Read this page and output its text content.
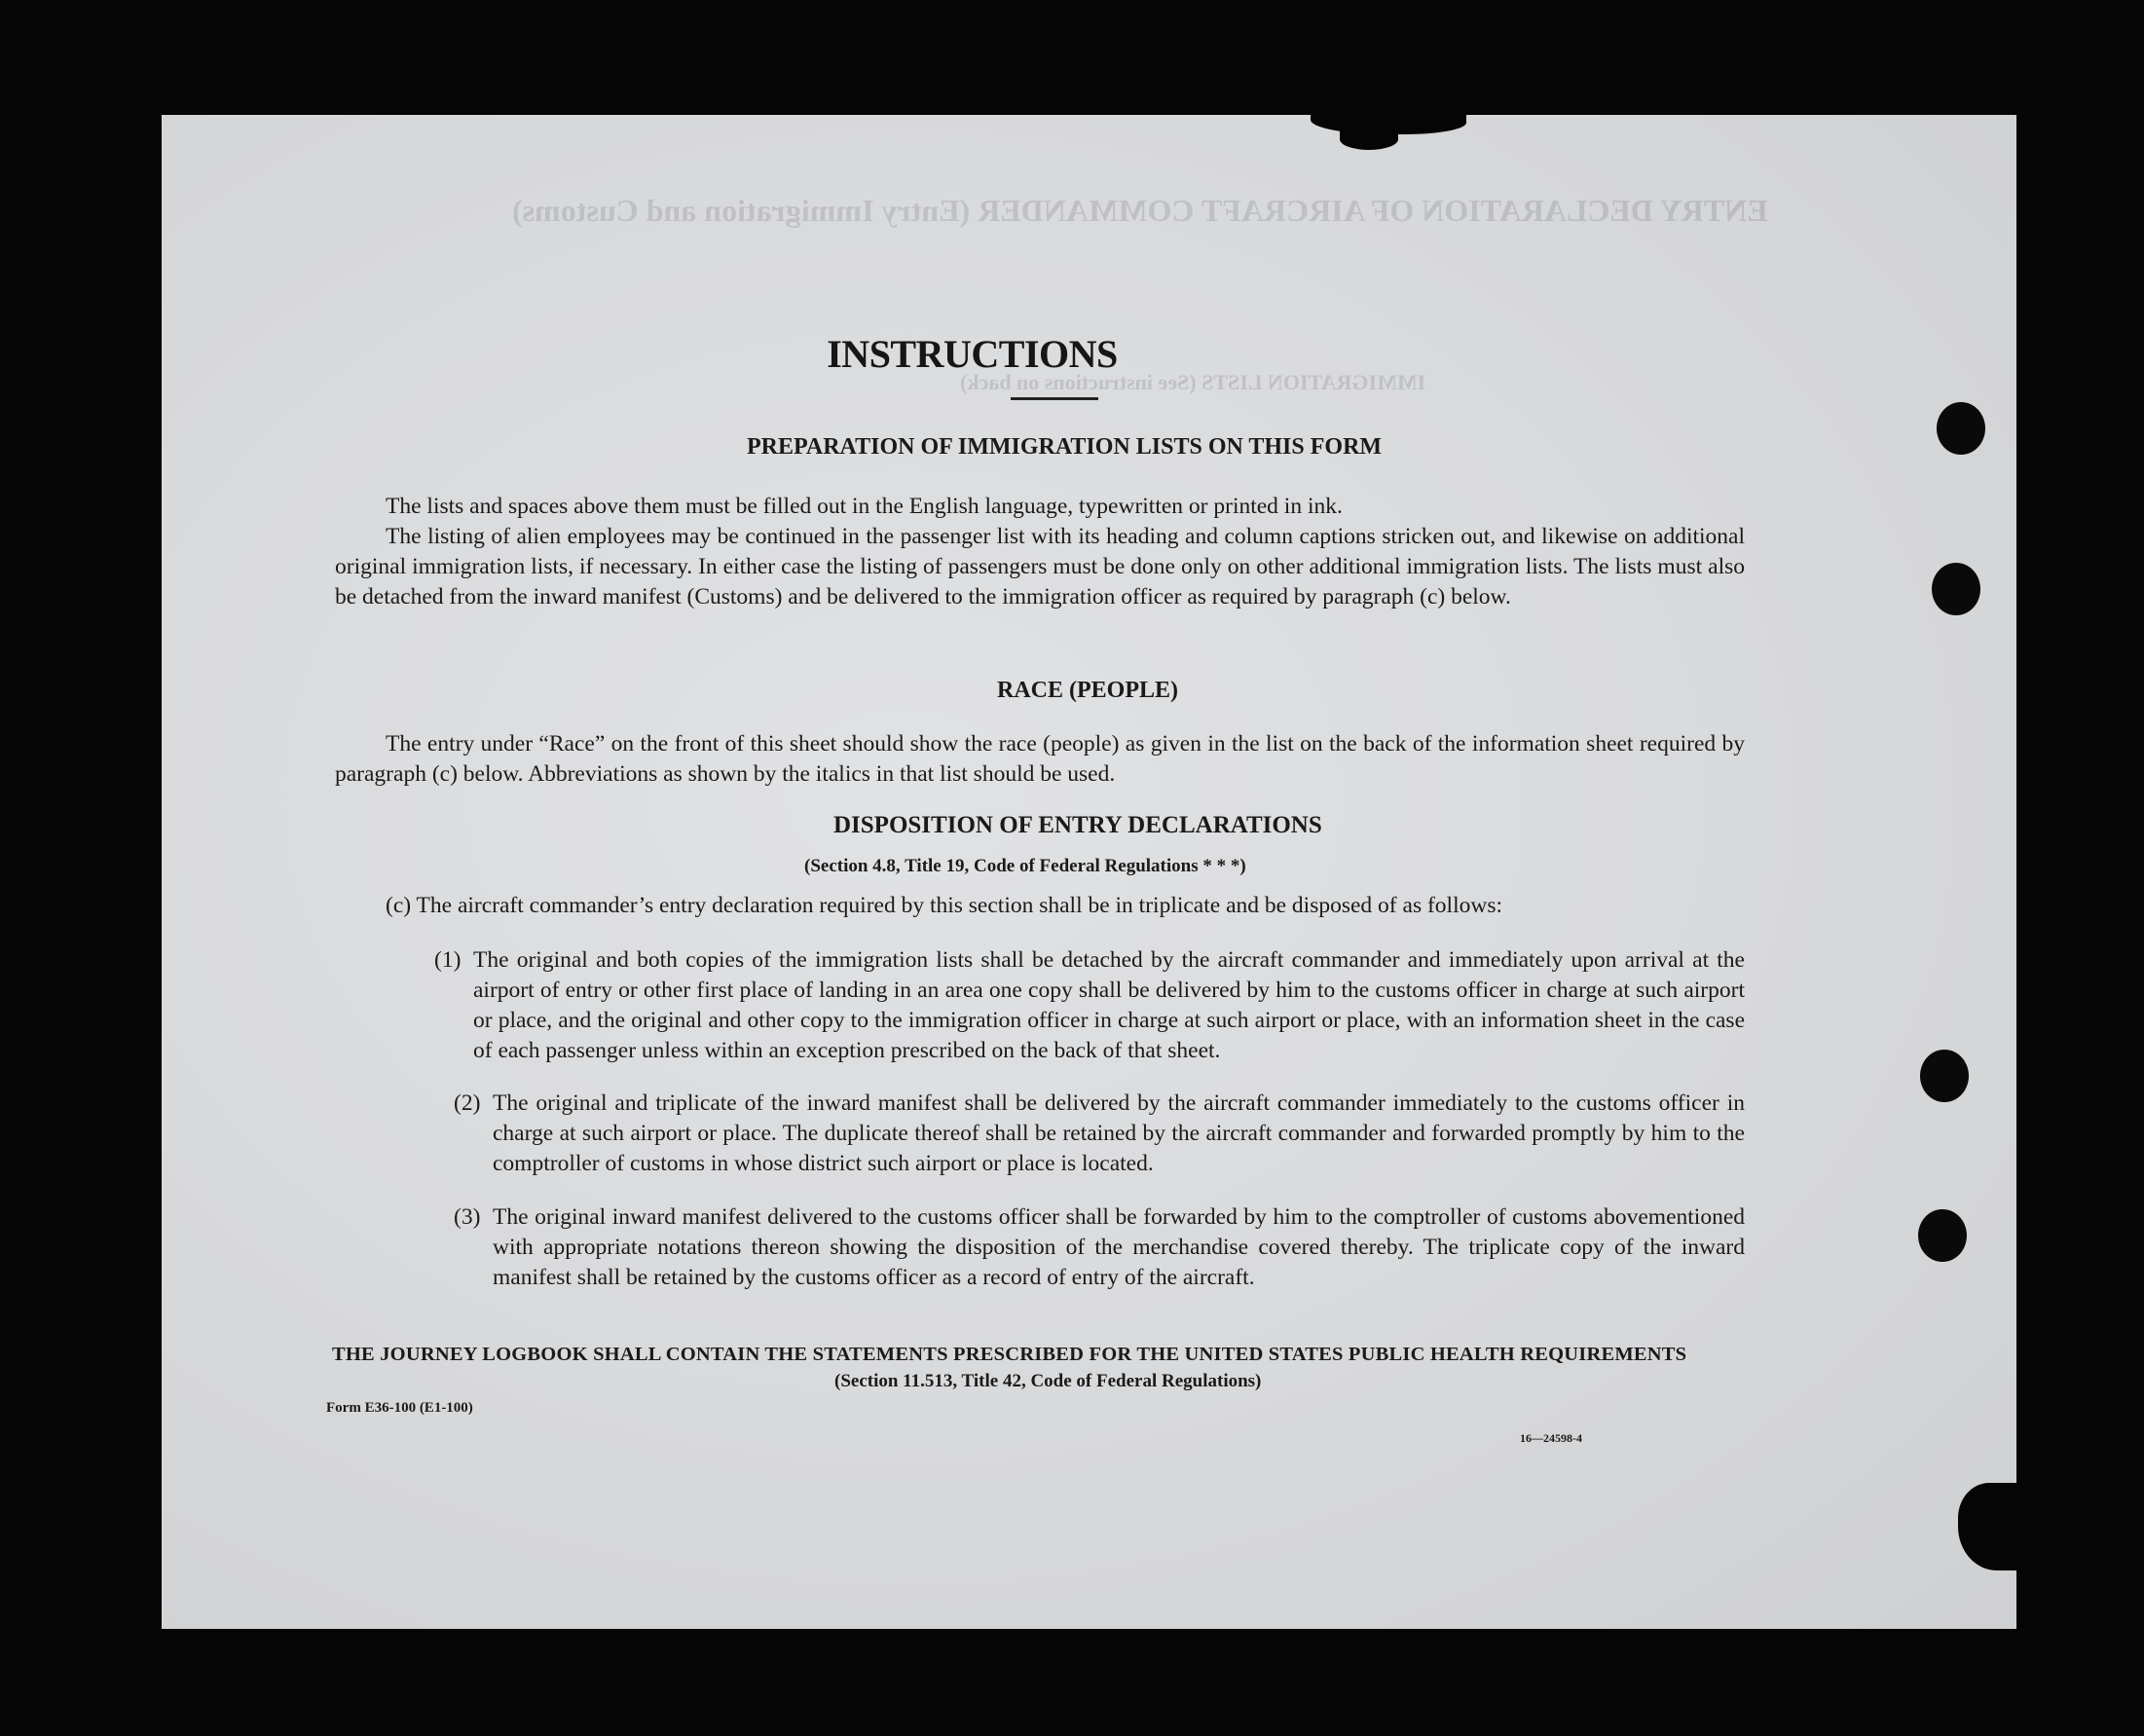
ENTRY DECLARATION OF AIRCRAFT COMMANDER (Entry Immigration and Customs)
IMMIGRATION LISTS (See instructions on back)
INSTRUCTIONS
PREPARATION OF IMMIGRATION LISTS ON THIS FORM

The lists and spaces above them must be filled out in the English language, typewritten or printed in ink.

The listing of alien employees may be continued in the passenger list with its heading and column captions stricken out, and likewise on additional original immigration lists, if necessary. In either case the listing of passengers must be done only on other additional immigration lists. The lists must also be detached from the inward manifest (Customs) and be delivered to the immigration officer as required by paragraph (c) below.

RACE (PEOPLE)

The entry under “Race” on the front of this sheet should show the race (people) as given in the list on the back of the information sheet required by paragraph (c) below. Abbreviations as shown by the italics in that list should be used.

DISPOSITION OF ENTRY DECLARATIONS
(Section 4.8, Title 19, Code of Federal Regulations * * *)

(c) The aircraft commander’s entry declaration required by this section shall be in triplicate and be disposed of as follows:

(1) The original and both copies of the immigration lists shall be detached by the aircraft commander and immediately upon arrival at the airport of entry or other first place of landing in an area one copy shall be delivered by him to the customs officer in charge at such airport or place, and the original and other copy to the immigration officer in charge at such airport or place, with an information sheet in the case of each passenger unless within an exception prescribed on the back of that sheet.
(2) The original and triplicate of the inward manifest shall be delivered by the aircraft commander immediately to the customs officer in charge at such airport or place. The duplicate thereof shall be retained by the aircraft commander and forwarded promptly by him to the comptroller of customs in whose district such airport or place is located.
(3) The original inward manifest delivered to the customs officer shall be forwarded by him to the comptroller of customs abovementioned with appropriate notations thereon showing the disposition of the merchandise covered thereby. The triplicate copy of the inward manifest shall be retained by the customs officer as a record of entry of the aircraft.
THE JOURNEY LOGBOOK SHALL CONTAIN THE STATEMENTS PRESCRIBED FOR THE UNITED STATES PUBLIC HEALTH REQUIREMENTS
(Section 11.513, Title 42, Code of Federal Regulations)
Form E36-100 (E1-100)
16—24598-4
